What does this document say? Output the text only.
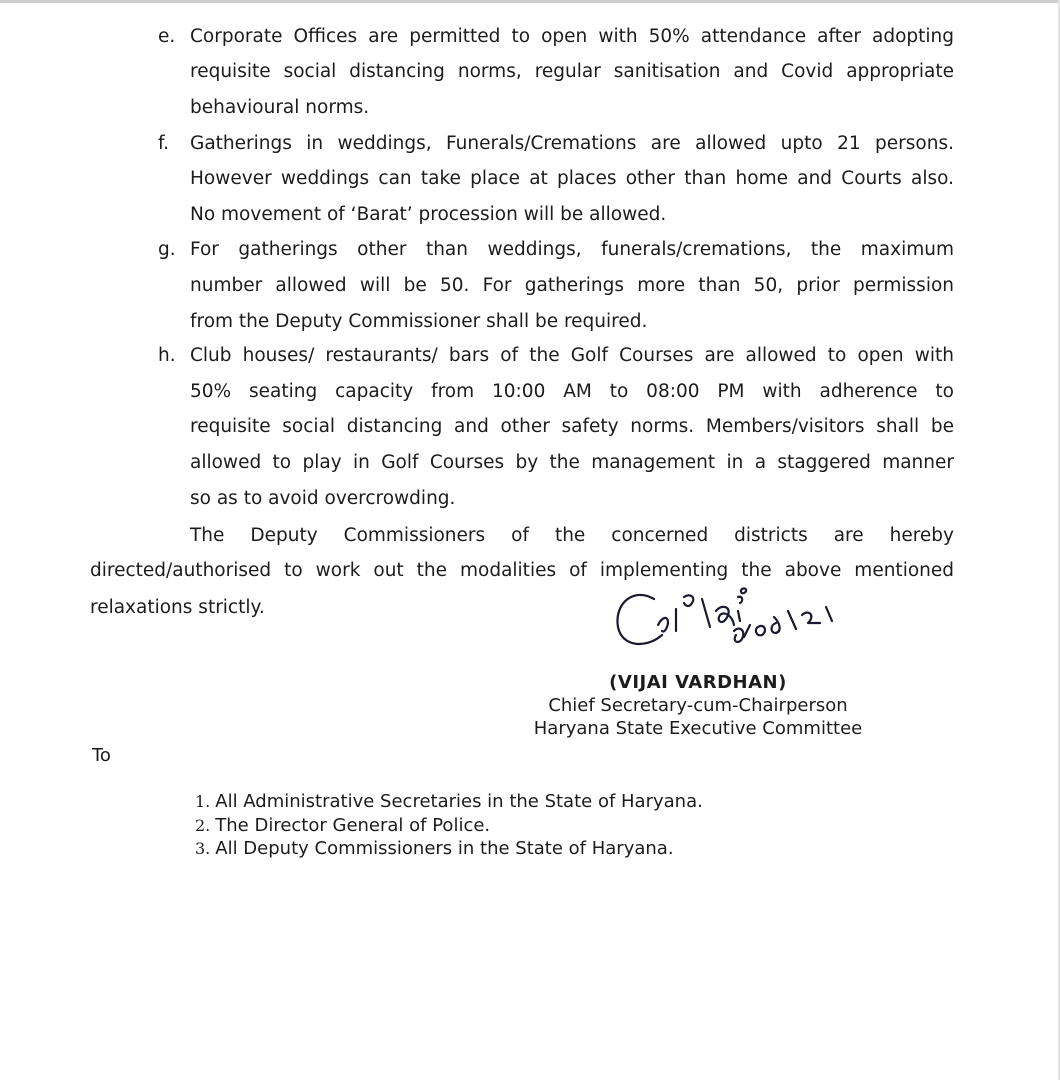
e. Corporate Offices are permitted to open with 50% attendance after adopting
requisite social distancing norms, regular sanitisation and Covid appropriate
behavioural norms.
f. Gatherings in weddings, Funerals/Cremations are allowed upto 21 persons.
However weddings can take place at places other than home and Courts also.
No movement of ‘Barat’ procession will be allowed.
g. For gatherings other than weddings, funerals/cremations, the maximum
number allowed will be 50. For gatherings more than 50, prior permission
from the Deputy Commissioner shall be required.
h. Club houses/ restaurants/ bars of the Golf Courses are allowed to open with
50% seating capacity from 10:00 AM to 08:00 PM with adherence to
requisite social distancing and other safety norms. Members/visitors shall be
allowed to play in Golf Courses by the management in a staggered manner
so as to avoid overcrowding.
The Deputy Commissioners of the concerned districts are hereby
directed/authorised to work out the modalities of implementing the above mentioned
relaxations strictly.
(VIJAI VARDHAN)
Chief Secretary-cum-Chairperson
Haryana State Executive Committee
To
1. All Administrative Secretaries in the State of Haryana.
2. The Director General of Police.
3. All Deputy Commissioners in the State of Haryana.
